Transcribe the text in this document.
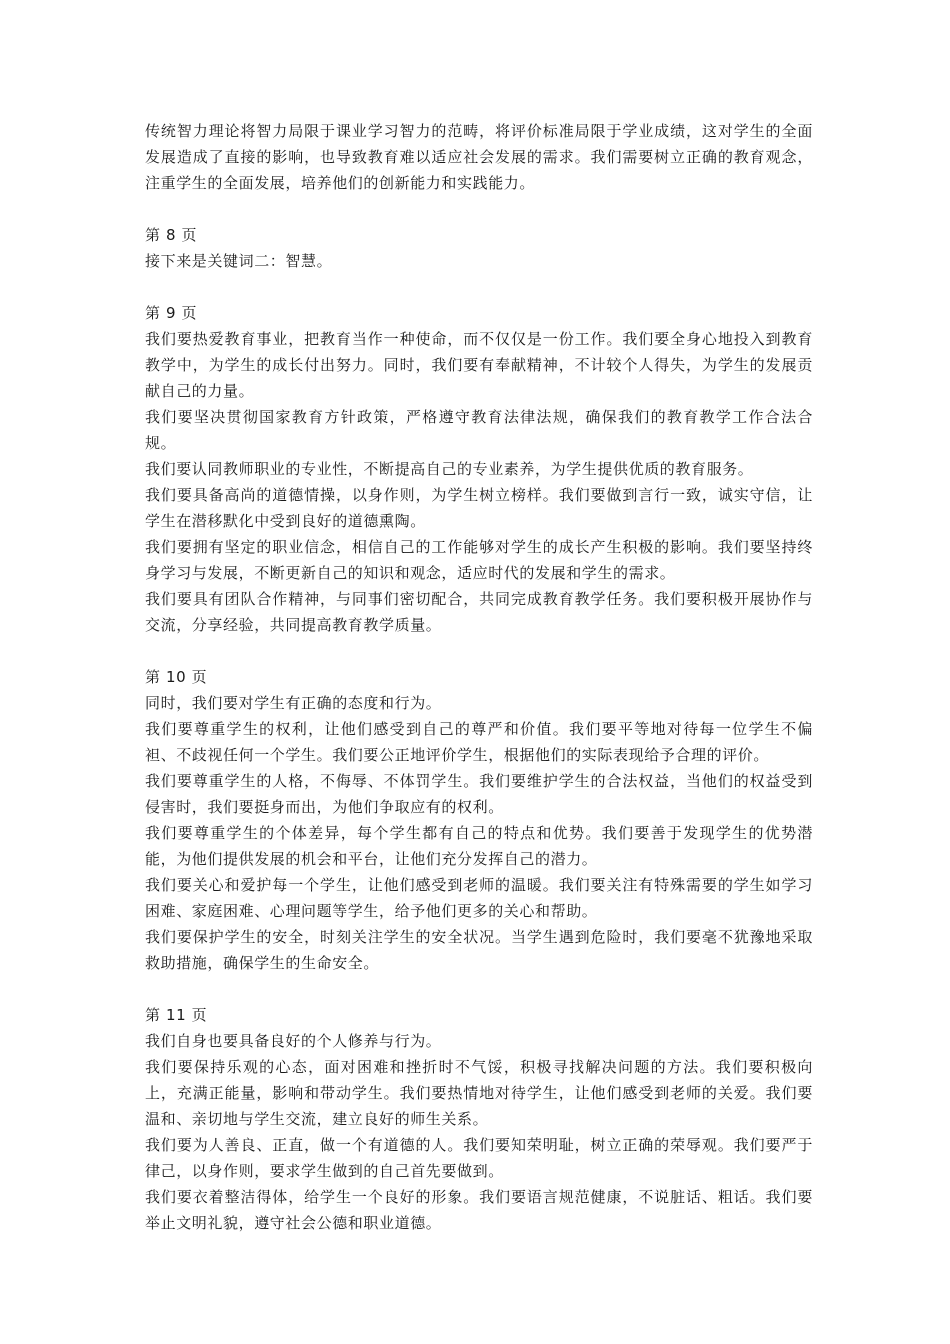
传统智力理论将智力局限于课业学习智力的范畴，将评价标准局限于学业成绩，这对学生的全面发展造成了直接的影响，也导致教育难以适应社会发展的需求。我们需要树立正确的教育观念，注重学生的全面发展，培养他们的创新能力和实践能力。

第 8 页

接下来是关键词二：智慧。

第 9 页

我们要热爱教育事业，把教育当作一种使命，而不仅仅是一份工作。我们要全身心地投入到教育教学中，为学生的成长付出努力。同时，我们要有奉献精神，不计较个人得失，为学生的发展贡献自己的力量。

我们要坚决贯彻国家教育方针政策，严格遵守教育法律法规，确保我们的教育教学工作合法合规。

我们要认同教师职业的专业性，不断提高自己的专业素养，为学生提供优质的教育服务。

我们要具备高尚的道德情操，以身作则，为学生树立榜样。我们要做到言行一致，诚实守信，让学生在潜移默化中受到良好的道德熏陶。

我们要拥有坚定的职业信念，相信自己的工作能够对学生的成长产生积极的影响。我们要坚持终身学习与发展，不断更新自己的知识和观念，适应时代的发展和学生的需求。

我们要具有团队合作精神，与同事们密切配合，共同完成教育教学任务。我们要积极开展协作与交流，分享经验，共同提高教育教学质量。

第 10 页

同时，我们要对学生有正确的态度和行为。

我们要尊重学生的权利，让他们感受到自己的尊严和价值。我们要平等地对待每一位学生不偏袒、不歧视任何一个学生。我们要公正地评价学生，根据他们的实际表现给予合理的评价。

我们要尊重学生的人格，不侮辱、不体罚学生。我们要维护学生的合法权益，当他们的权益受到侵害时，我们要挺身而出，为他们争取应有的权利。

我们要尊重学生的个体差异，每个学生都有自己的特点和优势。我们要善于发现学生的优势潜能，为他们提供发展的机会和平台，让他们充分发挥自己的潜力。

我们要关心和爱护每一个学生，让他们感受到老师的温暖。我们要关注有特殊需要的学生如学习困难、家庭困难、心理问题等学生，给予他们更多的关心和帮助。

我们要保护学生的安全，时刻关注学生的安全状况。当学生遇到危险时，我们要毫不犹豫地采取救助措施，确保学生的生命安全。

第 11 页

我们自身也要具备良好的个人修养与行为。

我们要保持乐观的心态，面对困难和挫折时不气馁，积极寻找解决问题的方法。我们要积极向上，充满正能量，影响和带动学生。我们要热情地对待学生，让他们感受到老师的关爱。我们要温和、亲切地与学生交流，建立良好的师生关系。

我们要为人善良、正直，做一个有道德的人。我们要知荣明耻，树立正确的荣辱观。我们要严于律己，以身作则，要求学生做到的自己首先要做到。

我们要衣着整洁得体，给学生一个良好的形象。我们要语言规范健康，不说脏话、粗话。我们要举止文明礼貌，遵守社会公德和职业道德。
